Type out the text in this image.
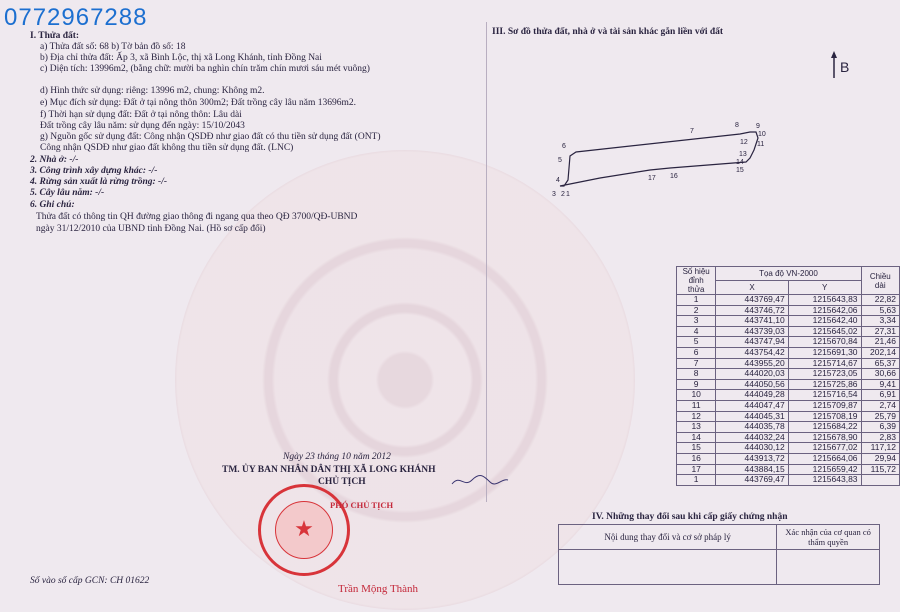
0772967288
I. Thửa đất:
a) Thửa đất số: 68 b) Tờ bản đồ số: 18
b) Địa chỉ thửa đất: Ấp 3, xã Bình Lộc, thị xã Long Khánh, tỉnh Đồng Nai
c) Diện tích: 13996m2, (bằng chữ: mười ba nghìn chín trăm chín mươi sáu mét vuông)
d) Hình thức sử dụng: riêng: 13996 m2, chung: Không m2.
e) Mục đích sử dụng: Đất ở tại nông thôn 300m2; Đất trồng cây lâu năm 13696m2.
f) Thời hạn sử dụng đất: Đất ở tại nông thôn: Lâu dài
Đất trồng cây lâu năm: sử dụng đến ngày: 15/10/2043
g) Nguồn gốc sử dụng đất: Công nhận QSDĐ như giao đất có thu tiền sử dụng đất (ONT)
Công nhận QSDĐ như giao đất không thu tiền sử dụng đất. (LNC)
2. Nhà ở: -/-
3. Công trình xây dựng khác: -/-
4. Rừng sản xuất là rừng trồng: -/-
5. Cây lâu năm: -/-
6. Ghi chú:
Thửa đất có thông tin QH đường giao thông đi ngang qua theo QĐ 3700/QĐ-UBND
ngày 31/12/2010 của UBND tỉnh Đồng Nai. (Hồ sơ cấp đổi)
III. Sơ đồ thửa đất, nhà ở và tài sản khác gắn liền với đất
B
1
2
3
4
5
6
7
8 9
10
11
12
13
14
15
16
17
Số hiệu đỉnh thửa	Tọa độ VN-2000		Chiều dài
	X	Y	
1	443769,47	1215643,83	22,82
2	443746,72	1215642,06	5,63
3	443741,10	1215642,40	3,34
4	443739,03	1215645,02	27,31
5	443747,94	1215670,84	21,46
6	443754,42	1215691,30	202,14
7	443955,20	1215714,67	65,37
8	444020,03	1215723,05	30,66
9	444050,56	1215725,86	9,41
10	444049,28	1215716,54	6,91
11	444047,47	1215709,87	2,74
12	444045,31	1215708,19	25,79
13	444035,78	1215684,22	6,39
14	444032,24	1215678,90	2,83
15	444030,12	1215677,02	117,12
16	443913,72	1215664,06	29,94
17	443884,15	1215659,42	115,72
1	443769,47	1215643,83	
Ngày 23 tháng 10 năm 2012
TM. ỦY BAN NHÂN DÂN THỊ XÃ LONG KHÁNH
CHỦ TỊCH
★
PHÓ CHỦ TỊCH
Trần Mộng Thành
Số vào sổ cấp GCN: CH 01622
IV. Những thay đổi sau khi cấp giấy chứng nhận
Nội dung thay đổi và cơ sở pháp lý	Xác nhận của cơ quan có thẩm quyền
